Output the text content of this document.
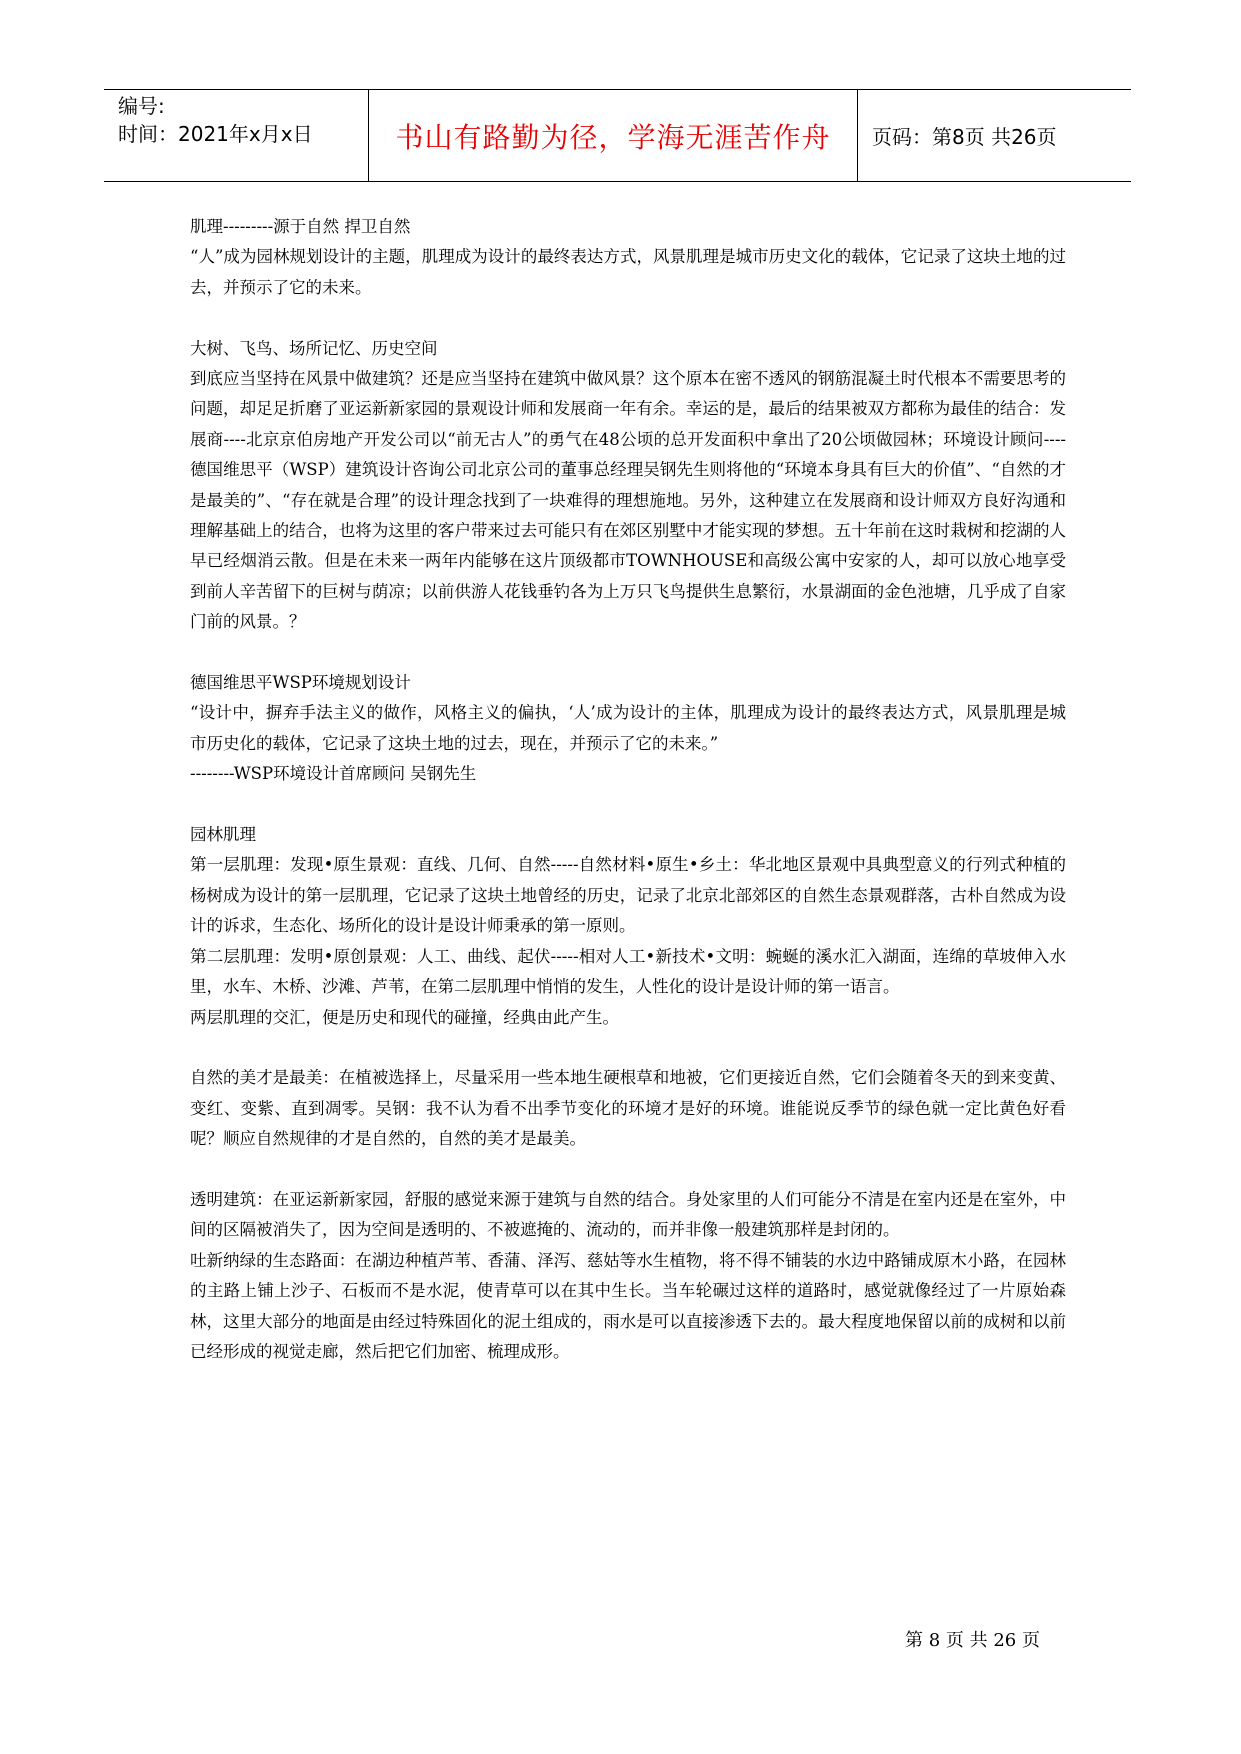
编号:
时间：2021年x月x日	书山有路勤为径，学海无涯苦作舟 页码：第8页 共26页

肌理---------源于自然 捍卫自然

“人”成为园林规划设计的主题，肌理成为设计的最终表达方式，风景肌理是城市历史文化的载体，它记录了这块土地的过去，并预示了它的未来。

大树、飞鸟、场所记忆、历史空间

到底应当坚持在风景中做建筑？还是应当坚持在建筑中做风景？这个原本在密不透风的钢筋混凝土时代根本不需要思考的问题，却足足折磨了亚运新新家园的景观设计师和发展商一年有余。幸运的是，最后的结果被双方都称为最佳的结合：发展商----北京京伯房地产开发公司以“前无古人”的勇气在48公顷的总开发面积中拿出了20公顷做园林；环境设计顾问----德国维思平（WSP）建筑设计咨询公司北京公司的董事总经理吴钢先生则将他的“环境本身具有巨大的价值”、“自然的才是最美的”、“存在就是合理”的设计理念找到了一块难得的理想施地。另外，这种建立在发展商和设计师双方良好沟通和理解基础上的结合，也将为这里的客户带来过去可能只有在郊区别墅中才能实现的梦想。五十年前在这时栽树和挖湖的人早已经烟消云散。但是在未来一两年内能够在这片顶级都市TOWNHOUSE和高级公寓中安家的人，却可以放心地享受到前人辛苦留下的巨树与荫凉；以前供游人花钱垂钓各为上万只飞鸟提供生息繁衍，水景湖面的金色池塘，几乎成了自家门前的风景。？

德国维思平WSP环境规划设计

“设计中，摒弃手法主义的做作，风格主义的偏执，‘人’成为设计的主体，肌理成为设计的最终表达方式，风景肌理是城市历史化的载体，它记录了这块土地的过去，现在，并预示了它的未来。”

--------WSP环境设计首席顾问 吴钢先生

园林肌理

第一层肌理：发现•原生景观：直线、几何、自然-----自然材料•原生•乡土：华北地区景观中具典型意义的行列式种植的杨树成为设计的第一层肌理，它记录了这块土地曾经的历史，记录了北京北部郊区的自然生态景观群落，古朴自然成为设计的诉求，生态化、场所化的设计是设计师秉承的第一原则。

第二层肌理：发明•原创景观：人工、曲线、起伏-----相对人工•新技术•文明：蜿蜒的溪水汇入湖面，连绵的草坡伸入水里，水车、木桥、沙滩、芦苇，在第二层肌理中悄悄的发生，人性化的设计是设计师的第一语言。

两层肌理的交汇，便是历史和现代的碰撞，经典由此产生。

自然的美才是最美：在植被选择上，尽量采用一些本地生硬根草和地被，它们更接近自然，它们会随着冬天的到来变黄、变红、变紫、直到凋零。吴钢：我不认为看不出季节变化的环境才是好的环境。谁能说反季节的绿色就一定比黄色好看呢？顺应自然规律的才是自然的，自然的美才是最美。

透明建筑：在亚运新新家园，舒服的感觉来源于建筑与自然的结合。身处家里的人们可能分不清是在室内还是在室外，中间的区隔被消失了，因为空间是透明的、不被遮掩的、流动的，而并非像一般建筑那样是封闭的。

吐新纳绿的生态路面：在湖边种植芦苇、香蒲、泽泻、慈姑等水生植物，将不得不铺装的水边中路铺成原木小路，在园林的主路上铺上沙子、石板而不是水泥，使青草可以在其中生长。当车轮碾过这样的道路时，感觉就像经过了一片原始森林，这里大部分的地面是由经过特殊固化的泥土组成的，雨水是可以直接渗透下去的。最大程度地保留以前的成树和以前已经形成的视觉走廊，然后把它们加密、梳理成形。

第 8 页 共 26 页
